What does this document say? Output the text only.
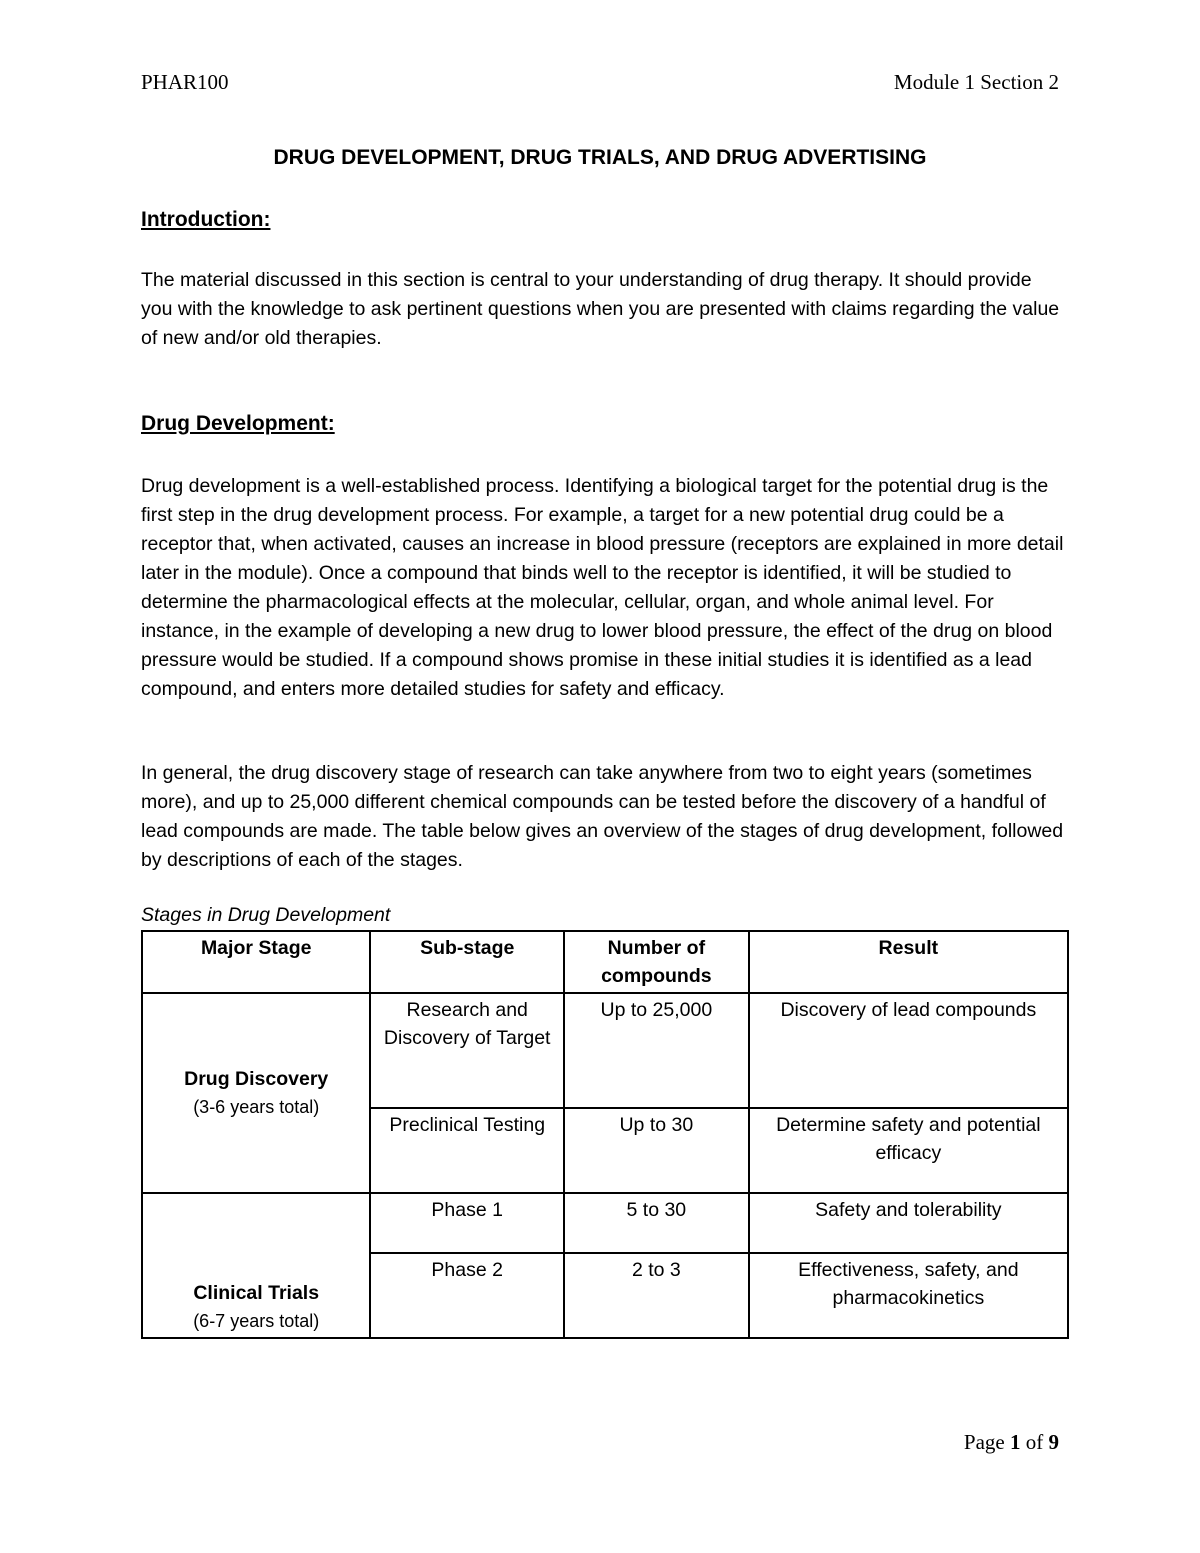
PHAR100	Module 1 Section 2
DRUG DEVELOPMENT, DRUG TRIALS, AND DRUG ADVERTISING
Introduction:

The material discussed in this section is central to your understanding of drug therapy. It should provide you with the knowledge to ask pertinent questions when you are presented with claims regarding the value of new and/or old therapies.

Drug Development:

Drug development is a well-established process. Identifying a biological target for the potential drug is the first step in the drug development process. For example, a target for a new potential drug could be a receptor that, when activated, causes an increase in blood pressure (receptors are explained in more detail later in the module). Once a compound that binds well to the receptor is identified, it will be studied to determine the pharmacological effects at the molecular, cellular, organ, and whole animal level. For instance, in the example of developing a new drug to lower blood pressure, the effect of the drug on blood pressure would be studied. If a compound shows promise in these initial studies it is identified as a lead compound, and enters more detailed studies for safety and efficacy.

In general, the drug discovery stage of research can take anywhere from two to eight years (sometimes more), and up to 25,000 different chemical compounds can be tested before the discovery of a handful of lead compounds are made. The table below gives an overview of the stages of drug development, followed by descriptions of each of the stages.

Stages in Drug Development
Major Stage	Sub-stage	Number of compounds	Result

Drug Discovery
(3-6 years total)	Research and Discovery of Target	Up to 25,000	Discovery of lead compounds
	Preclinical Testing	Up to 30	Determine safety and potential efficacy

Clinical Trials
(6-7 years total)	Phase 1	5 to 30	Safety and tolerability
	Phase 2	2 to 3	Effectiveness, safety, and pharmacokinetics
Page 1 of 9
